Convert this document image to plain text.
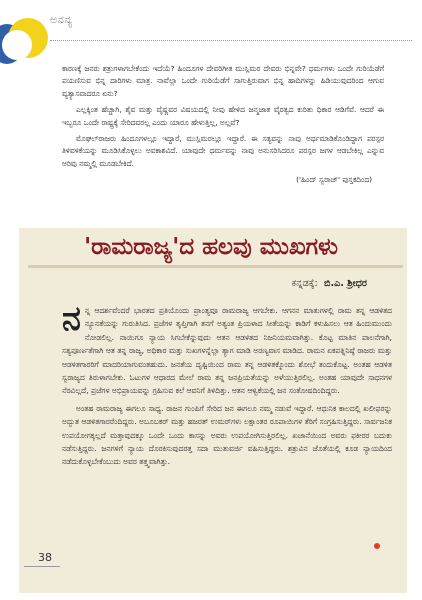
ಅನನ್ಯ

ಕಾರಣಕ್ಕೆ ಜನರು ಶತ್ರುಗಳಾಗಬೇಕೆಂದು ಇದೆಯೆ? ಹಿಂದೂಗಳ ದೇವರಿಗೀತ ಮುಸ್ಲಿಮರ ದೇವರು ಭಿನ್ನವೇ? ಧರ್ಮಗಳು ಒಂದೇ ಗುರಿಯೆಡೆಗೆ ಪಯಣಿಸುವ ಭಿನ್ನ ದಾರಿಗಳು ಮಾತ್ರ. ನಾವೆಲ್ಲಾ ಒಂದೇ ಗುರಿಯೆಡೆಗೆ ಸಾಗುತ್ತಿರುವಾಗ ಭಿನ್ನ ಹಾದಿಗಳನ್ನು ಹಿಡಿಯುವುದರಿಂದ ಆಗುವ ವ್ಯತ್ಯಾಸವಾದರೂ ಏನು?

ಎಲ್ಲಕ್ಕಿಂತ ಹೆಚ್ಚಾಗಿ, ಶೈವ ಮತ್ತು ವೈಷ್ಣವರ ವಿಷಯದಲ್ಲಿ ನೀವು ಹೇಳಿದ ಜನ್ಮಜಾತ ವೈರತ್ವದ ಕುರಿತು ಧಿಕಾರ ಆಡಿಗೆವೆ. ಆದರೆ ಈ ಇಬ್ಬರೂ ಒಂದೇ ರಾಷ್ಟ್ರಕ್ಕೆ ಸೇರಿದವರಲ್ಲ ಎಂದು ಯಾರೂ ಹೇಳುತ್ತಿಲ್ಲ, ಅಲ್ಲವೆ?

ಮೊಘಲ್‌ರಾಜರು ಹಿಂದೂಗಳಲ್ಲೂ ಇದ್ದಾರೆ, ಮುಸ್ಲಿಮರಲ್ಲೂ ಇದ್ದಾರೆ. ಈ ಸತ್ಯವನ್ನು ನಾವು ಅರ್ಥಮಾಡಿಕೊಂಡಿದ್ದಾಗ ಪರಸ್ಪರ ತಿಳಿವಳಿಕೆಯನ್ನು ಮೂಡಿಸಿಕೊಳ್ಳಲು ಅವಕಾಶವಿದೆ. ಯಾವುದೇ ಧರ್ಮವನ್ನು ನಾವು ಅನುಸರಿಸಿದರೂ ಪರಸ್ಪರ ಜಗಳ ಆಡಬೇಕಿಲ್ಲ ಎನ್ನುವ ಅರಿವು ನಮ್ಮಲ್ಲಿ ಮೂಡಬೇಕಿದೆ.

('ಹಿಂದ್ ಸ್ವರಾಜ್' ಪುಸ್ತಕದಿಂದ)

'ರಾಮರಾಜ್ಯ'ದ ಹಲವು ಮುಖಗಳು
ಕನ್ನಡಕ್ಕೆ: ಬಿ.ಎ. ಶ್ರೀಧರ

ನನ್ನ ಆದರ್ಶವೆಂದರೆ ಭಾರತದ ಪ್ರತಿಯೊಂದು ಪ್ರಾಂತ್ಯವೂ ರಾಮರಾಜ್ಯ ಆಗಬೇಕು. ಆಗನನ ಮಾತುಗಳಲ್ಲಿ ರಾಮ ತನ್ನ ಆಡಳಿತದ ನ್ಯೂನತೆಯನ್ನು ಗುರುತಿಸಿದ. ಪ್ರಜೆಗಳ ತೃಪ್ತಿಗಾಗಿ ತನಗೆ ಅತ್ಯಂತ ಪ್ರಿಯಳಾದ ಸೀತೆಯನ್ನು ಕಾಡಿಗೆ ಕಳುಹಿಸಲು ಆತ ಹಿಂದುಮುಂದು ನೋಡಲಿಲ್ಲ. ನಾಯಿಗೂ ನ್ಯಾಯ ಸಿಗಬೇಕೆನ್ನುವುದು ಆತನ ಆಡಳಿತದ ನಿಜನಿಯಮವಾಗಿತ್ತು. ಕೊಟ್ಟ ಮಾತಿನ ಪಾಲನೆಗಾಗಿ, ಸತ್ಯಪೂರ್ಣತೆಗಾಗಿ ಆತ ತನ್ನ ರಾಜ್ಯ, ಅಧಿಕಾರ ಮತ್ತು ಸುಖಗಳನ್ನೆಲ್ಲಾ ತ್ಯಾಗ ಮಾಡಿ ಅರಣ್ಯವಾಸ ಮಾಡಿದ. ರಾಮನ ಏಕಪತ್ನಿನಿಷ್ಠೆ ರಾಜರು ಮತ್ತು ಆಡಳಿತಗಾರರಿಗೆ ಮಾದರಿಯಾಗುವಂತಹುದು. ಜನತೆಯ ದೃಷ್ಟಿಯಿಂದ ರಾಮ ತನ್ನ ಆಡಳಿತಕ್ಕೊಂದು ಶೋಭೆ ತಂದುಕೊಟ್ಟ. ಅಂತಹ ಆಡಳಿತ ಸ್ವರಾಜ್ಯದ ತಿರುಳಾಗಬೇಕು. ಓಟುಗಳ ಆಧಾರದ ಮೇಲೆ ರಾಮ ತನ್ನ ಜನಪ್ರಿಯತೆಯನ್ನು ಅಳೆಯುತ್ತಿರಲಿಲ್ಲ. ಅಂತಹ ಯಾವುದೇ ಸಾಧನಗಳ ನೆರವಿಲ್ಲದೆ, ಪ್ರಜೆಗಳ ಅಭಿಪ್ರಾಯವನ್ನು ಗ್ರಹಿಸುವ ಕಲೆ ಆವನಿಗೆ ತಿಳಿದಿತ್ತು. ಆತನ ಆಳ್ವಿಕೆಯಲ್ಲಿ ಜನ ಸಂತೋಷದಿಂದಿದ್ದರು.

ಅಂತಹ ರಾಮರಾಜ್ಯ ಈಗಲೂ ಸಾಧ್ಯ. ರಾಜನ ಗುಂಪಿಗೆ ಸೇರಿದ ಜನ ಈಗಲೂ ನಮ್ಮ ನಡುವೆ ಇದ್ದಾರೆ. ಆಧುನಿಕ ಕಾಲದಲ್ಲಿ ಖಲೀಫರನ್ನು ಅದ್ಭುತ ಆಡಳಿತಗಾರರೆಂದಿದ್ದರು. ಅಬೂಬಕರ್ ಮತ್ತು ಹಜರತ್ ಉಮರ್‌ಗಳು ಲಕ್ಷಾಂತರ ರೂಪಾಯಿಗಳ ತೆರಿಗೆ ಸಂಗ್ರಹಿಸುತ್ತಿದ್ದರು. ಸಾರ್ವಜನಿಕ ಉಪಯೋಗಕ್ಕಲ್ಲದೆ ಮತ್ತಾವುದಕ್ಕೂ ಒಂದೇ ಒಂದು ಕಾಸನ್ನು ಅವರು ಉಪಯೋಗಿಸುತ್ತಿರಲಿಲ್ಲ. ಖಜಾನೆಯಿಂದ ಅವರು ಫಕೀರರ ಬದುಕು ನಡೆಸುತ್ತಿದ್ದರು. ಜನಗಳಿಗೆ ನ್ಯಾಯ ದೊರಕಿಸುವುದರತ್ತ ಸದಾ ಮುತುವರ್ಜಿ ವಹಿಸುತ್ತಿದ್ದರು. ಶತ್ರುವಿನ ಜೊತೆಯಲ್ಲಿ ಕೂಡ ನ್ಯಾಯದಿಂದ ನಡೆದುಕೊಳ್ಳಬೇಕೆಂಬುದು ಅವರ ತತ್ತ್ವವಾಗಿತ್ತು.

38
